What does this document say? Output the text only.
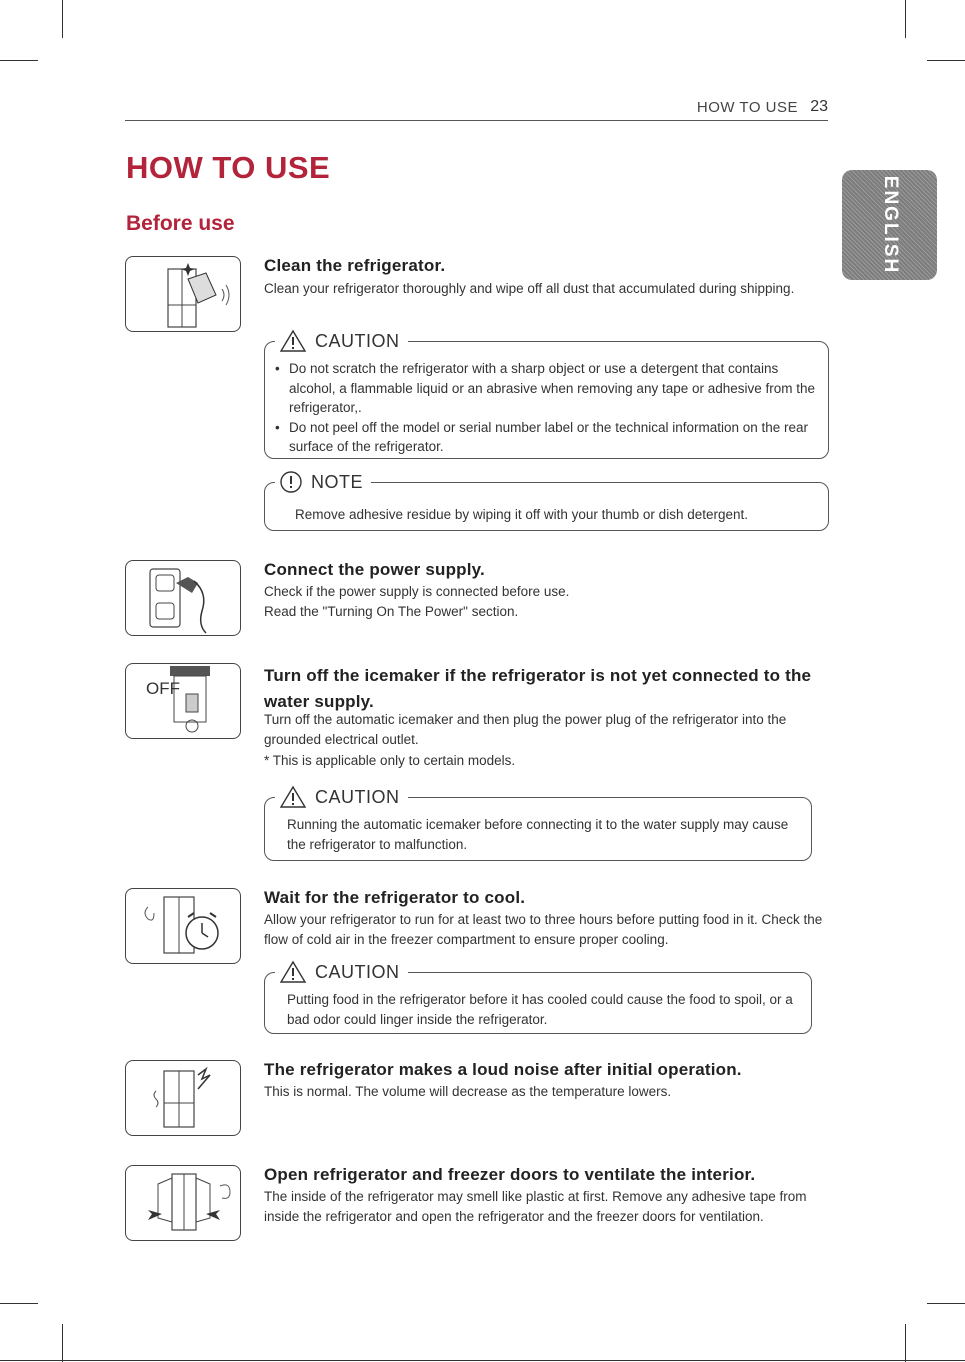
HOW TO USE 23
HOW TO USE
Before use	ENGLISH
Clean the refrigerator.

Clean your refrigerator thoroughly and wipe off all dust that accumulated during shipping.

CAUTION
• Do not scratch the refrigerator with a sharp object or use a detergent that contains alcohol, a flammable liquid or an abrasive when removing any tape or adhesive from the refrigerator,.
• Do not peel off the model or serial number label or the technical information on the rear surface of the refrigerator.
NOTE
Remove adhesive residue by wiping it off with your thumb or dish detergent.
Connect the power supply.

Check if the power supply is connected before use.

Read the "Turning On The Power" section.

OFF
Turn off the icemaker if the refrigerator is not yet connected to the
water supply.

Turn off the automatic icemaker and then plug the power plug of the refrigerator into the grounded electrical outlet.

* This is applicable only to certain models.

CAUTION
Running the automatic icemaker before connecting it to the water supply may cause the refrigerator to malfunction.
Wait for the refrigerator to cool.

Allow your refrigerator to run for at least two to three hours before putting food in it. Check the flow of cold air in the freezer compartment to ensure proper cooling.

CAUTION
Putting food in the refrigerator before it has cooled could cause the food to spoil, or a bad odor could linger inside the refrigerator.
The refrigerator makes a loud noise after initial operation.

This is normal. The volume will decrease as the temperature lowers.

Open refrigerator and freezer doors to ventilate the interior.

The inside of the refrigerator may smell like plastic at first. Remove any adhesive tape from inside the refrigerator and open the refrigerator and the freezer doors for ventilation.
